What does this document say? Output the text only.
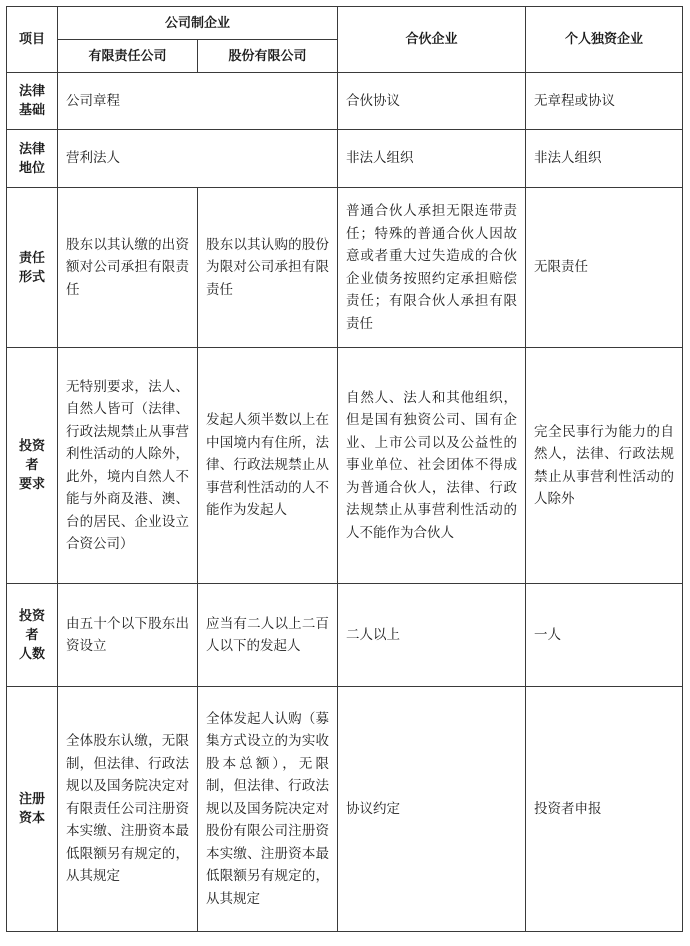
项目	公司制企业		合伙企业	个人独资企业
	有限责任公司	股份有限公司		

法律
基础	公司章程		合伙协议	无章程或协议

法律
地位	营利法人		非法人组织	非法人组织

责任
形式	股东以其认缴的出资额对公司承担有限责任	股东以其认购的股份为限对公司承担有限责任	普通合伙人承担无限连带责任；特殊的普通合伙人因故意或者重大过失造成的合伙企业债务按照约定承担赔偿责任；有限合伙人承担有限责任	无限责任

投资
者
要求	无特别要求，法人、自然人皆可（法律、行政法规禁止从事营利性活动的人除外，此外，境内自然人不能与外商及港、澳、台的居民、企业设立合资公司）	发起人须半数以上在中国境内有住所，法律、行政法规禁止从事营利性活动的人不能作为发起人	自然人、法人和其他组织，但是国有独资公司、国有企业、上市公司以及公益性的事业单位、社会团体不得成为普通合伙人，法律、行政法规禁止从事营利性活动的人不能作为合伙人	完全民事行为能力的自然人，法律、行政法规禁止从事营利性活动的人除外

投资
者
人数	由五十个以下股东出资设立	应当有二人以上二百人以下的发起人	二人以上	一人

注册
资本	全体股东认缴，无限制，但法律、行政法规以及国务院决定对有限责任公司注册资本实缴、注册资本最低限额另有规定的，从其规定	全体发起人认购（募集方式设立的为实收股本总额），无限制，但法律、行政法规以及国务院决定对股份有限公司注册资本实缴、注册资本最低限额另有规定的，从其规定	协议约定	投资者申报
